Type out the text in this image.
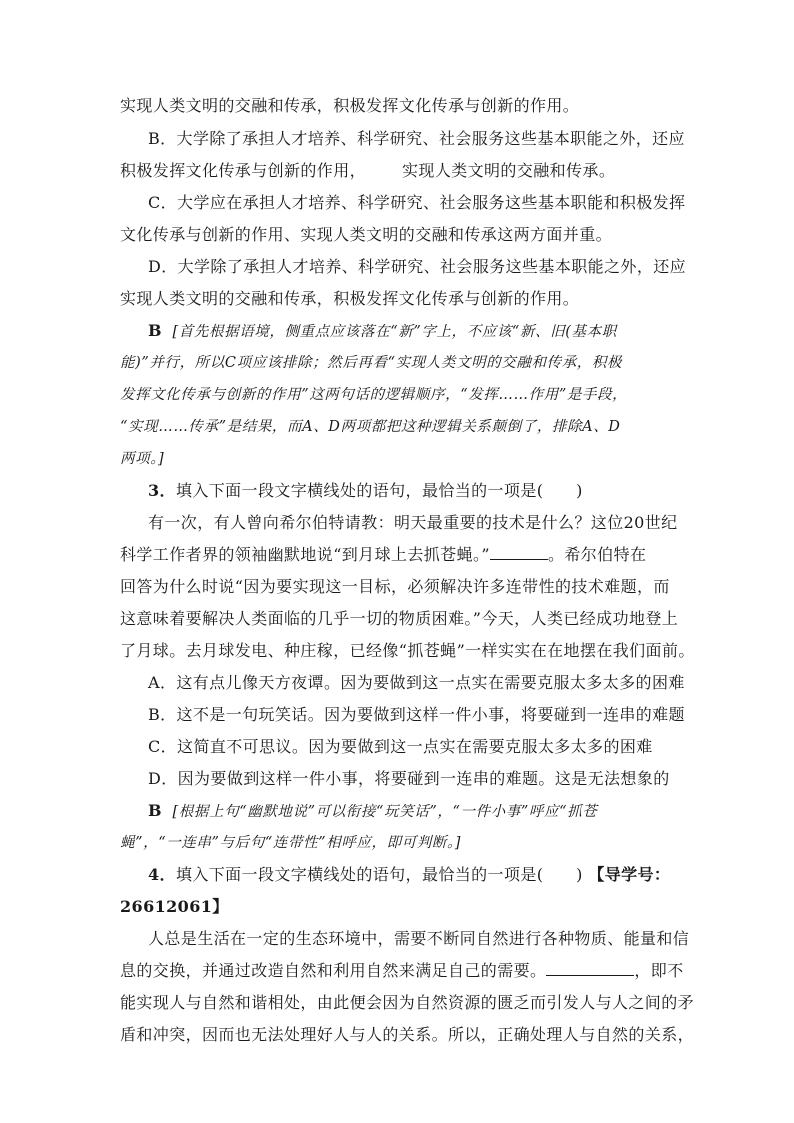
实现人类文明的交融和传承，积极发挥文化传承与创新的作用。
B．大学除了承担人才培养、科学研究、社会服务这些基本职能之外，还应
积极发挥文化传承与创新的作用， 实现人类文明的交融和传承。
C．大学应在承担人才培养、科学研究、社会服务这些基本职能和积极发挥
文化传承与创新的作用、实现人类文明的交融和传承这两方面并重。
D．大学除了承担人才培养、科学研究、社会服务这些基本职能之外，还应
实现人类文明的交融和传承，积极发挥文化传承与创新的作用。
B [首先根据语境，侧重点应该落在“新”字上，不应该“新、旧(基本职
能)”并行，所以C项应该排除；然后再看“实现人类文明的交融和传承，积极
发挥文化传承与创新的作用”这两句话的逻辑顺序，“发挥……作用”是手段，
“实现……传承”是结果，而A、D两项都把这种逻辑关系颠倒了，排除A、D
两项。]
3．填入下面一段文字横线处的语句，最恰当的一项是(　　)
有一次，有人曾向希尔伯特请教：明天最重要的技术是什么？这位20世纪
科学工作者界的领袖幽默地说“到月球上去抓苍蝇。”	。希尔伯特在
回答为什么时说“因为要实现这一目标，必须解决许多连带性的技术难题，而
这意味着要解决人类面临的几乎一切的物质困难。”今天，人类已经成功地登上
了月球。去月球发电、种庄稼，已经像“抓苍蝇”一样实实在在地摆在我们面前。
A．这有点儿像天方夜谭。因为要做到这一点实在需要克服太多太多的困难
B．这不是一句玩笑话。因为要做到这样一件小事，将要碰到一连串的难题
C．这简直不可思议。因为要做到这一点实在需要克服太多太多的困难
D．因为要做到这样一件小事，将要碰到一连串的难题。这是无法想象的
B [根据上句“幽默地说”可以衔接“玩笑话”，“一件小事”呼应“抓苍
蝇”，“一连串”与后句“连带性”相呼应，即可判断。]
4．填入下面一段文字横线处的语句，最恰当的一项是(　　) 【导学号：
26612061】
人总是生活在一定的生态环境中，需要不断同自然进行各种物质、能量和信
息的交换，并通过改造自然和利用自然来满足自己的需要。	，即不
能实现人与自然和谐相处，由此便会因为自然资源的匮乏而引发人与人之间的矛
盾和冲突，因而也无法处理好人与人的关系。所以，正确处理人与自然的关系，
